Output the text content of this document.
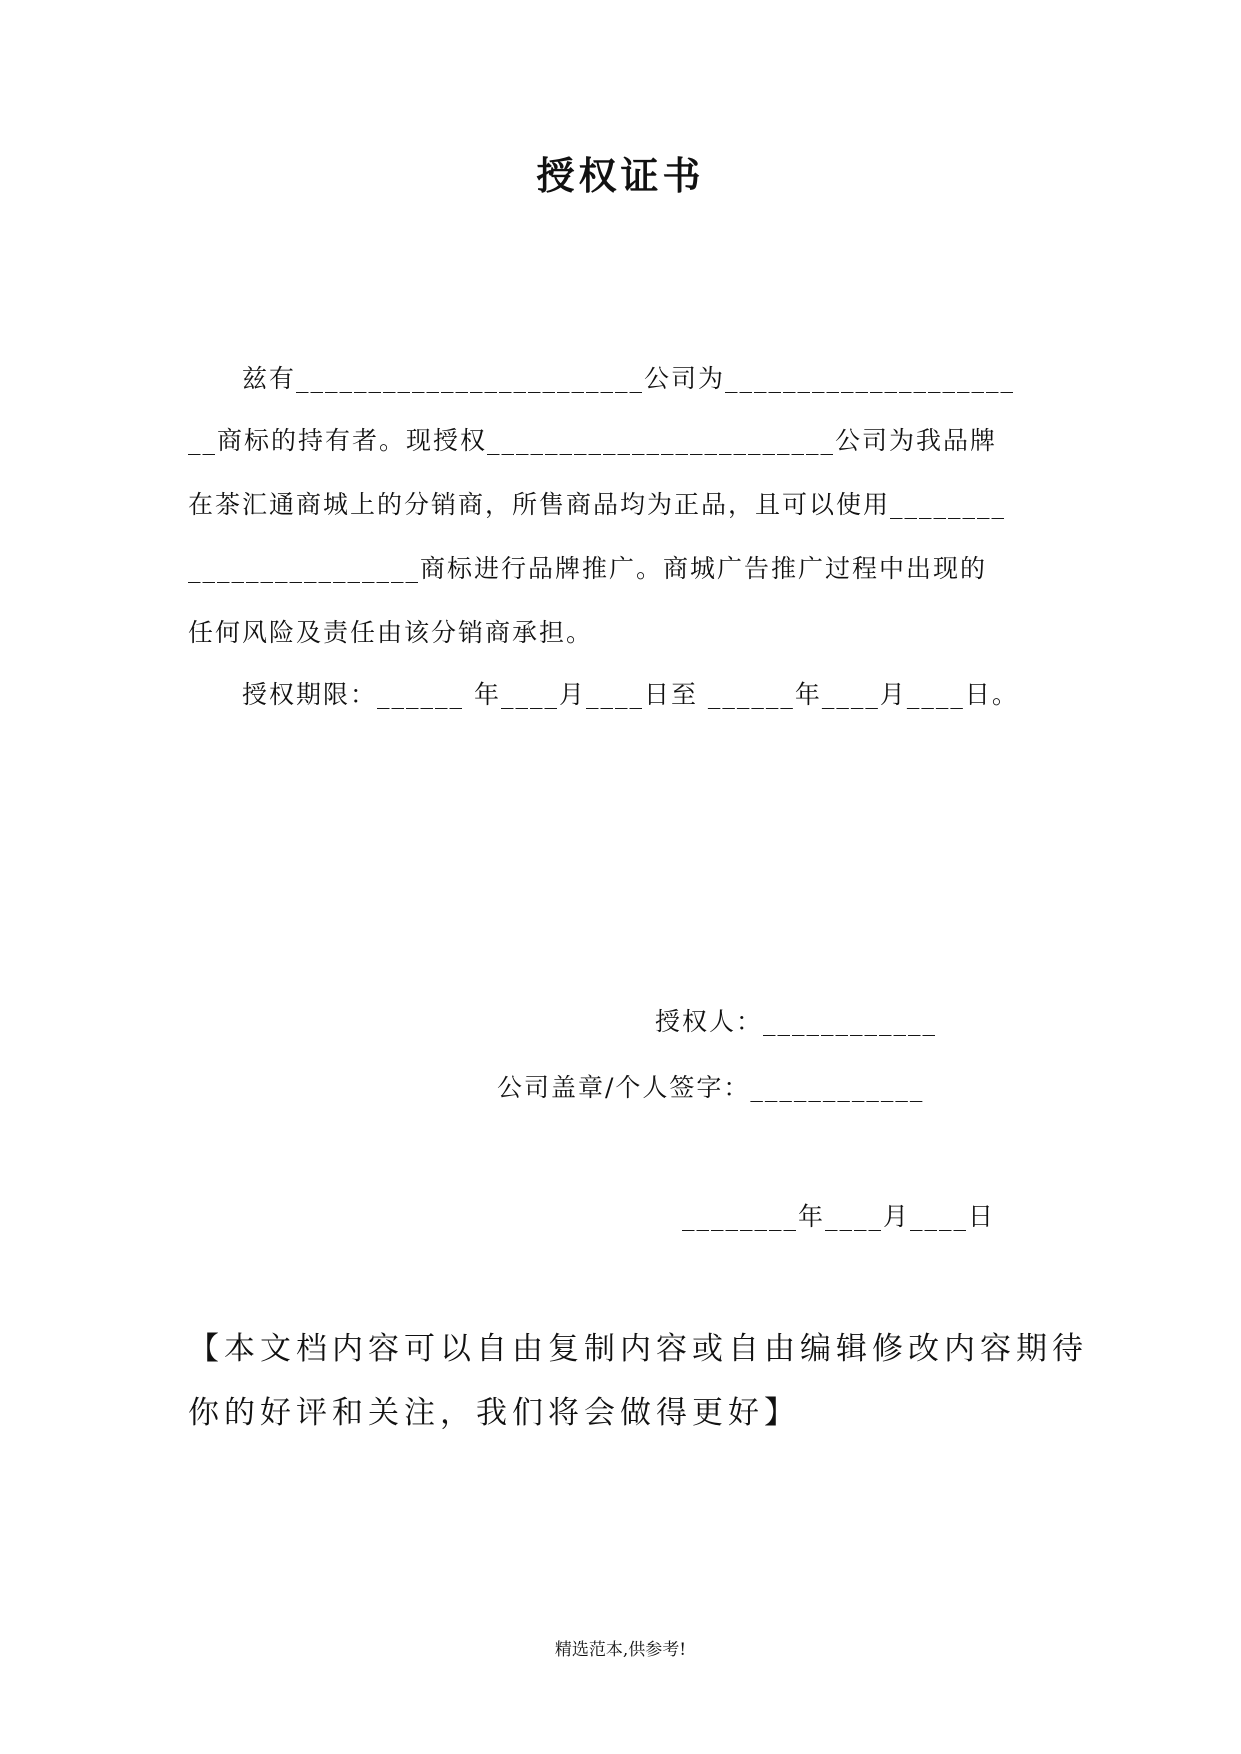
授权证书
　　兹有________________________公司为____________________
__商标的持有者。现授权________________________公司为我品牌
在茶汇通商城上的分销商，所售商品均为正品，且可以使用________
________________商标进行品牌推广。商城广告推广过程中出现的
任何风险及责任由该分销商承担。
　　授权期限：______ 年____月____日至 ______年____月____日。
授权人：____________
公司盖章/个人签字：____________
________年____月____日
【本文档内容可以自由复制内容或自由编辑修改内容期待
你的好评和关注，我们将会做得更好】
精选范本,供参考!
